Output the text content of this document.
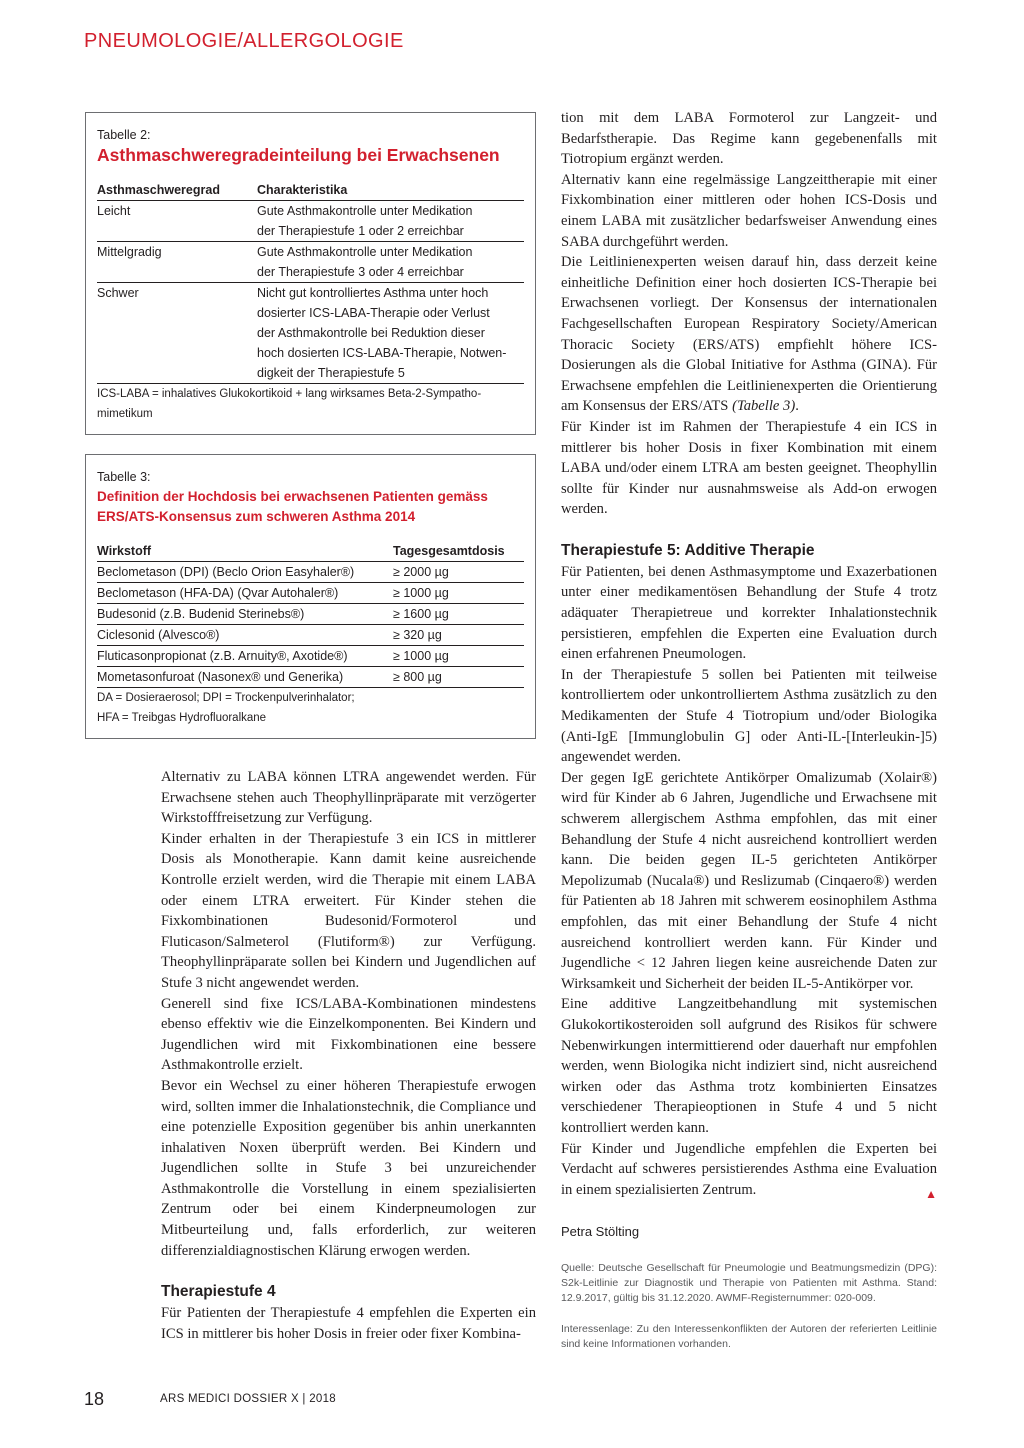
PNEUMOLOGIE/ALLERGOLOGIE
Tabelle 2:
Asthmaschweregradeinteilung bei Erwachsenen
Asthmaschweregrad	Charakteristika
Leicht	Gute Asthmakontrolle unter Medikation
der Therapiestufe 1 oder 2 erreichbar

Mittelgradig	Gute Asthmakontrolle unter Medikation
der Therapiestufe 3 oder 4 erreichbar

Schwer	Nicht gut kontrolliertes Asthma unter hoch
dosierter ICS-LABA-Therapie oder Verlust
der Asthmakontrolle bei Reduktion dieser
hoch dosierten ICS-LABA-Therapie, Notwen-
digkeit der Therapiestufe 5
ICS-LABA = inhalatives Glukokortikoid + lang wirksames Beta-2-Sympatho-
mimetikum
Tabelle 3:
Definition der Hochdosis bei erwachsenen Patienten gemäss
ERS/ATS-Konsensus zum schweren Asthma 2014
Wirkstoff	Tagesgesamtdosis
Beclometason (DPI) (Beclo Orion Easyhaler®)	≥ 2000 µg
Beclometason (HFA-DA) (Qvar Autohaler®)	≥ 1000 µg
Budesonid (z.B. Budenid Sterinebs®)	≥ 1600 µg
Ciclesonid (Alvesco®)	≥ 320 µg
Fluticasonpropionat (z.B. Arnuity®, Axotide®)	≥ 1000 µg
Mometasonfuroat (Nasonex® und Generika)	≥ 800 µg
DA = Dosieraerosol; DPI = Trockenpulverinhalator;
HFA = Treibgas Hydrofluoralkane

Alternativ zu LABA können LTRA angewendet werden. Für Erwachsene stehen auch Theophyllinpräparate mit verzögerter Wirkstofffreisetzung zur Verfügung.

Kinder erhalten in der Therapiestufe 3 ein ICS in mittlerer Dosis als Monotherapie. Kann damit keine ausreichende Kontrolle erzielt werden, wird die Therapie mit einem LABA oder einem LTRA erweitert. Für Kinder stehen die Fixkombinationen Budesonid/Formoterol und Fluticason/Salmeterol (Flutiform®) zur Verfügung. Theophyllinpräparate sollen bei Kindern und Jugendlichen auf Stufe 3 nicht angewendet werden.

Generell sind fixe ICS/LABA-Kombinationen mindestens ebenso effektiv wie die Einzelkomponenten. Bei Kindern und Jugendlichen wird mit Fixkombinationen eine bessere Asthmakontrolle erzielt.

Bevor ein Wechsel zu einer höheren Therapiestufe erwogen wird, sollten immer die Inhalationstechnik, die Compliance und eine potenzielle Exposition gegenüber bis anhin unerkannten inhalativen Noxen überprüft werden. Bei Kindern und Jugendlichen sollte in Stufe 3 bei unzureichender Asthmakontrolle die Vorstellung in einem spezialisierten Zentrum oder bei einem Kinderpneumologen zur Mitbeurteilung und, falls erforderlich, zur weiteren differenzialdiagnostischen Klärung erwogen werden.

Therapiestufe 4

Für Patienten der Therapiestufe 4 empfehlen die Experten ein ICS in mittlerer bis hoher Dosis in freier oder fixer Kombina-

tion mit dem LABA Formoterol zur Langzeit- und Bedarfstherapie. Das Regime kann gegebenenfalls mit Tiotropium ergänzt werden.

Alternativ kann eine regelmässige Langzeittherapie mit einer Fixkombination einer mittleren oder hohen ICS-Dosis und einem LABA mit zusätzlicher bedarfsweiser Anwendung eines SABA durchgeführt werden.

Die Leitlinienexperten weisen darauf hin, dass derzeit keine einheitliche Definition einer hoch dosierten ICS-Therapie bei Erwachsenen vorliegt. Der Konsensus der internationalen Fachgesellschaften European Respiratory Society/American Thoracic Society (ERS/ATS) empfiehlt höhere ICS-Dosierungen als die Global Initiative for Asthma (GINA). Für Erwachsene empfehlen die Leitlinienexperten die Orientierung am Konsensus der ERS/ATS (Tabelle 3).

Für Kinder ist im Rahmen der Therapiestufe 4 ein ICS in mittlerer bis hoher Dosis in fixer Kombination mit einem LABA und/oder einem LTRA am besten geeignet. Theophyllin sollte für Kinder nur ausnahmsweise als Add-on erwogen werden.

Therapiestufe 5: Additive Therapie

Für Patienten, bei denen Asthmasymptome und Exazerbationen unter einer medikamentösen Behandlung der Stufe 4 trotz adäquater Therapietreue und korrekter Inhalationstechnik persistieren, empfehlen die Experten eine Evaluation durch einen erfahrenen Pneumologen.

In der Therapiestufe 5 sollen bei Patienten mit teilweise kontrolliertem oder unkontrolliertem Asthma zusätzlich zu den Medikamenten der Stufe 4 Tiotropium und/oder Biologika (Anti-IgE [Immunglobulin G] oder Anti-IL-[Interleukin-]5) angewendet werden.

Der gegen IgE gerichtete Antikörper Omalizumab (Xolair®) wird für Kinder ab 6 Jahren, Jugendliche und Erwachsene mit schwerem allergischem Asthma empfohlen, das mit einer Behandlung der Stufe 4 nicht ausreichend kontrolliert werden kann. Die beiden gegen IL-5 gerichteten Antikörper Mepolizumab (Nucala®) und Reslizumab (Cinqaero®) werden für Patienten ab 18 Jahren mit schwerem eosinophilem Asthma empfohlen, das mit einer Behandlung der Stufe 4 nicht ausreichend kontrolliert werden kann. Für Kinder und Jugendliche < 12 Jahren liegen keine ausreichende Daten zur Wirksamkeit und Sicherheit der beiden IL-5-Antikörper vor.

Eine additive Langzeitbehandlung mit systemischen Glukokortikosteroiden soll aufgrund des Risikos für schwere Nebenwirkungen intermittierend oder dauerhaft nur empfohlen werden, wenn Biologika nicht indiziert sind, nicht ausreichend wirken oder das Asthma trotz kombinierten Einsatzes verschiedener Therapieoptionen in Stufe 4 und 5 nicht kontrolliert werden kann.

Für Kinder und Jugendliche empfehlen die Experten bei Verdacht auf schweres persistierendes Asthma eine Evaluation in einem spezialisierten Zentrum.	▲

Petra Stölting
Quelle: Deutsche Gesellschaft für Pneumologie und Beatmungsmedizin (DPG): S2k-Leitlinie zur Diagnostik und Therapie von Patienten mit Asthma. Stand: 12.9.2017, gültig bis 31.12.2020. AWMF-Registernummer: 020-009.
Interessenlage: Zu den Interessenkonflikten der Autoren der referierten Leitlinie sind keine Informationen vorhanden.
18	ARS MEDICI DOSSIER X | 2018
